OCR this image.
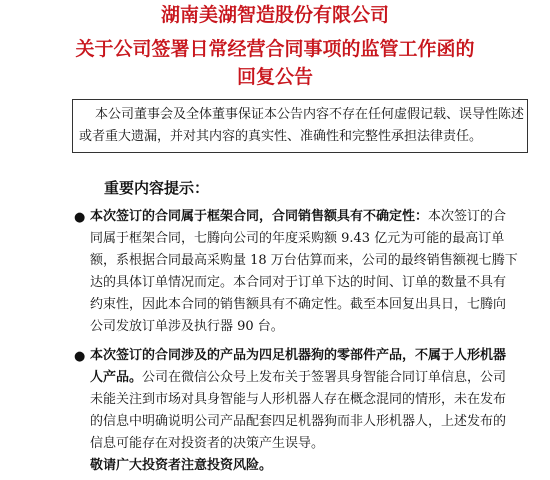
湖南美湖智造股份有限公司
关于公司签署日常经营合同事项的监管工作函的
回复公告
本公司董事会及全体董事保证本公告内容不存在任何虚假记载、误导性陈述
或者重大遗漏，并对其内容的真实性、准确性和完整性承担法律责任。
重要内容提示：
● 本次签订的合同属于框架合同，合同销售额具有不确定性：本次签订的合
同属于框架合同，七腾向公司的年度采购额 9.43 亿元为可能的最高订单
额，系根据合同最高采购量 18 万台估算而来，公司的最终销售额视七腾下
达的具体订单情况而定。本合同对于订单下达的时间、订单的数量不具有
约束性，因此本合同的销售额具有不确定性。截至本回复出具日，七腾向
公司发放订单涉及执行器 90 台。
● 本次签订的合同涉及的产品为四足机器狗的零部件产品，不属于人形机器
人产品。公司在微信公众号上发布关于签署具身智能合同订单信息，公司
未能关注到市场对具身智能与人形机器人存在概念混同的情形，未在发布
的信息中明确说明公司产品配套四足机器狗而非人形机器人，上述发布的
信息可能存在对投资者的决策产生误导。
敬请广大投资者注意投资风险。
